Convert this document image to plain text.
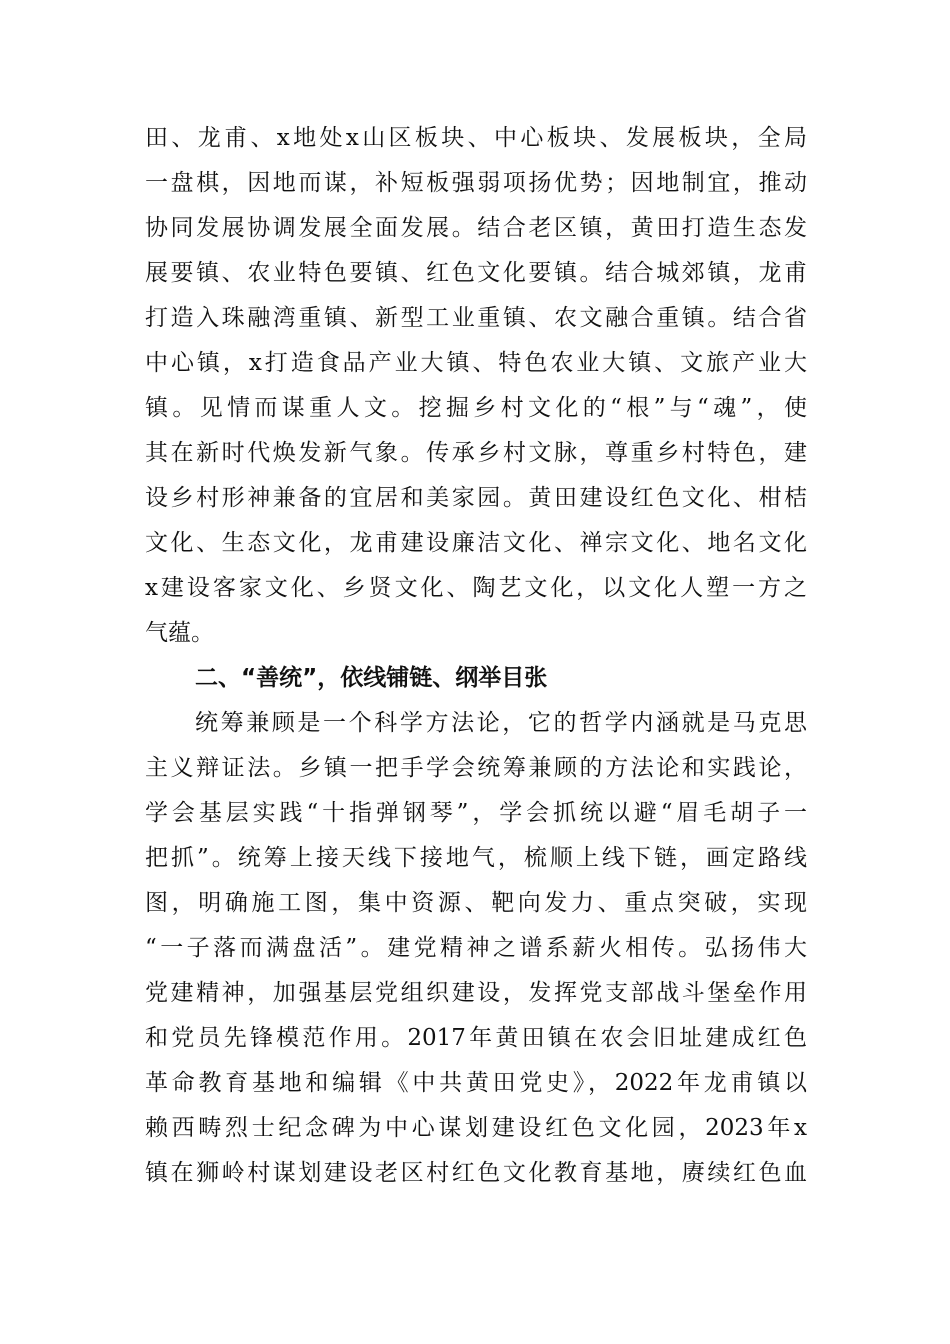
田、龙甫、x地处x山区板块、中心板块、发展板块，全局
一盘棋，因地而谋，补短板强弱项扬优势；因地制宜，推动
协同发展协调发展全面发展。结合老区镇，黄田打造生态发
展要镇、农业特色要镇、红色文化要镇。结合城郊镇，龙甫
打造入珠融湾重镇、新型工业重镇、农文融合重镇。结合省
中心镇，x打造食品产业大镇、特色农业大镇、文旅产业大
镇。见情而谋重人文。挖掘乡村文化的“根”与“魂”，使
其在新时代焕发新气象。传承乡村文脉，尊重乡村特色，建
设乡村形神兼备的宜居和美家园。黄田建设红色文化、柑桔
文化、生态文化，龙甫建设廉洁文化、禅宗文化、地名文化
x建设客家文化、乡贤文化、陶艺文化，以文化人塑一方之
气蕴。
二、“善统”，依线铺链、纲举目张
统筹兼顾是一个科学方法论，它的哲学内涵就是马克思
主义辩证法。乡镇一把手学会统筹兼顾的方法论和实践论，
学会基层实践“十指弹钢琴”，学会抓统以避“眉毛胡子一
把抓”。统筹上接天线下接地气，梳顺上线下链，画定路线
图，明确施工图，集中资源、靶向发力、重点突破，实现
“一子落而满盘活”。建党精神之谱系薪火相传。弘扬伟大
党建精神，加强基层党组织建设，发挥党支部战斗堡垒作用
和党员先锋模范作用。2017年黄田镇在农会旧址建成红色
革命教育基地和编辑《中共黄田党史》，2022年龙甫镇以
赖西畴烈士纪念碑为中心谋划建设红色文化园，2023年x
镇在狮岭村谋划建设老区村红色文化教育基地，赓续红色血
